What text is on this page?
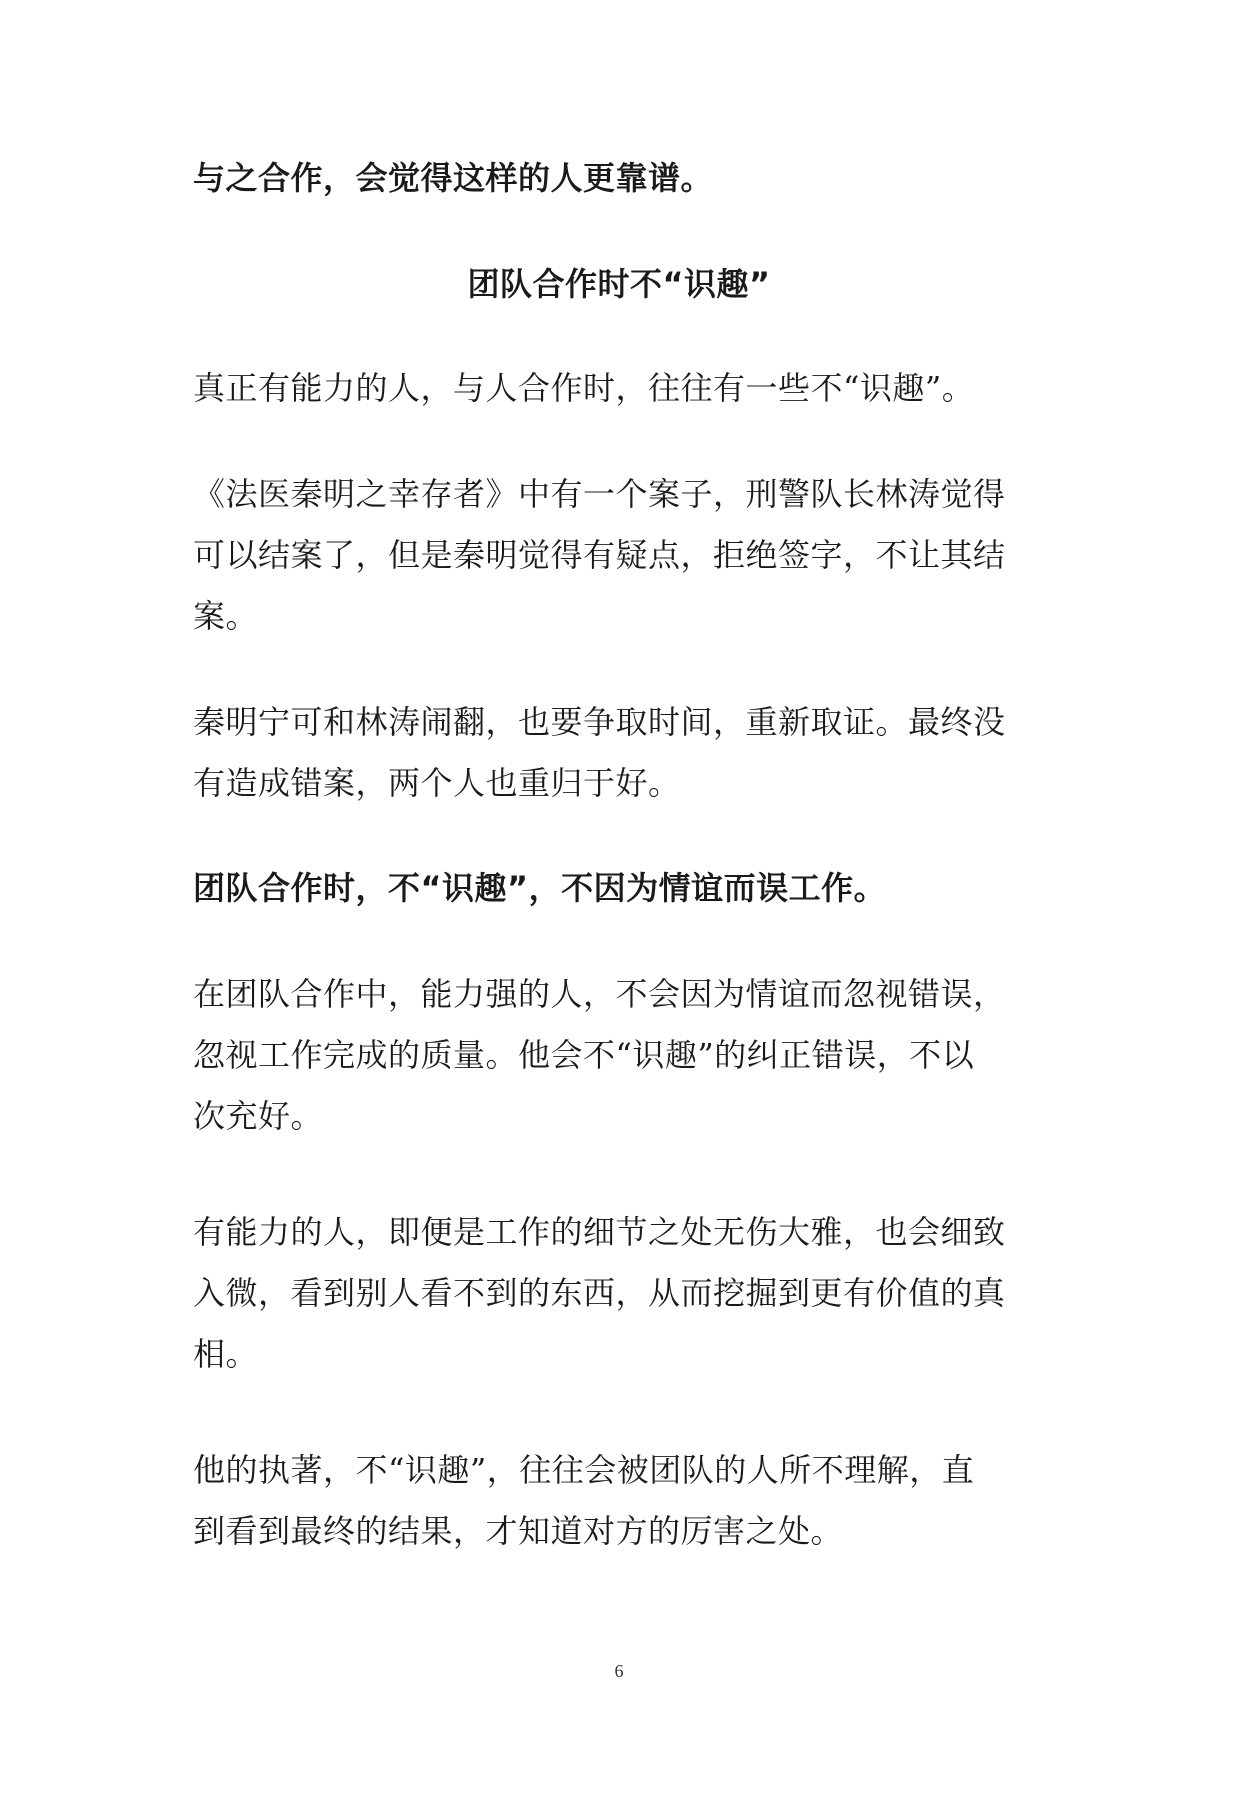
与之合作，会觉得这样的人更靠谱。
团队合作时不“识趣”
真正有能力的人，与人合作时，往往有一些不“识趣”。
《法医秦明之幸存者》中有一个案子，刑警队长林涛觉得
可以结案了，但是秦明觉得有疑点，拒绝签字，不让其结
案。
秦明宁可和林涛闹翻，也要争取时间，重新取证。最终没
有造成错案，两个人也重归于好。
团队合作时，不“识趣”，不因为情谊而误工作。
在团队合作中，能力强的人，不会因为情谊而忽视错误，
忽视工作完成的质量。他会不“识趣”的纠正错误，不以
次充好。
有能力的人，即便是工作的细节之处无伤大雅，也会细致
入微，看到别人看不到的东西，从而挖掘到更有价值的真
相。
他的执著，不“识趣”，往往会被团队的人所不理解，直
到看到最终的结果，才知道对方的厉害之处。
6
